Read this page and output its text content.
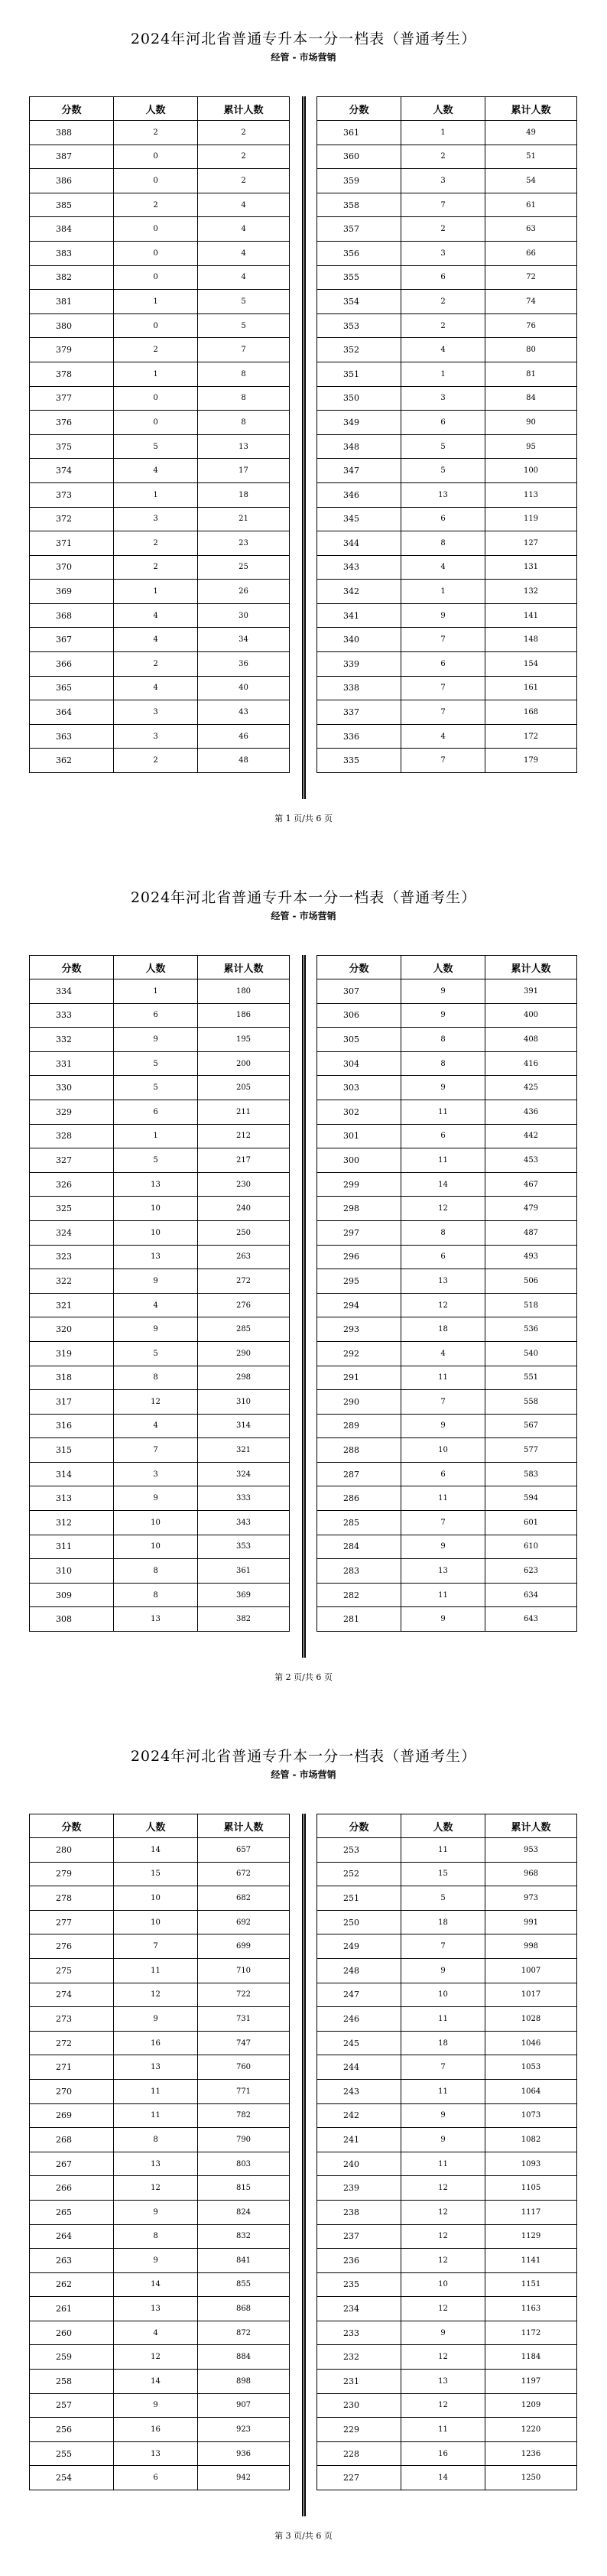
2024年河北省普通专升本一分一档表（普通考生）
经管 - 市场营销
分数	人数	累计人数
388	2	2
387	0	2
386	0	2
385	2	4
384	0	4
383	0	4
382	0	4
381	1	5
380	0	5
379	2	7
378	1	8
377	0	8
376	0	8
375	5	13
374	4	17
373	1	18
372	3	21
371	2	23
370	2	25
369	1	26
368	4	30
367	4	34
366	2	36
365	4	40
364	3	43
363	3	46
362	2	48
分数	人数	累计人数
361	1	49
360	2	51
359	3	54
358	7	61
357	2	63
356	3	66
355	6	72
354	2	74
353	2	76
352	4	80
351	1	81
350	3	84
349	6	90
348	5	95
347	5	100
346	13	113
345	6	119
344	8	127
343	4	131
342	1	132
341	9	141
340	7	148
339	6	154
338	7	161
337	7	168
336	4	172
335	7	179
第 1 页/共 6 页
2024年河北省普通专升本一分一档表（普通考生）
经管 - 市场营销
分数	人数	累计人数
334	1	180
333	6	186
332	9	195
331	5	200
330	5	205
329	6	211
328	1	212
327	5	217
326	13	230
325	10	240
324	10	250
323	13	263
322	9	272
321	4	276
320	9	285
319	5	290
318	8	298
317	12	310
316	4	314
315	7	321
314	3	324
313	9	333
312	10	343
311	10	353
310	8	361
309	8	369
308	13	382
分数	人数	累计人数
307	9	391
306	9	400
305	8	408
304	8	416
303	9	425
302	11	436
301	6	442
300	11	453
299	14	467
298	12	479
297	8	487
296	6	493
295	13	506
294	12	518
293	18	536
292	4	540
291	11	551
290	7	558
289	9	567
288	10	577
287	6	583
286	11	594
285	7	601
284	9	610
283	13	623
282	11	634
281	9	643
第 2 页/共 6 页
2024年河北省普通专升本一分一档表（普通考生）
经管 - 市场营销
分数	人数	累计人数
280	14	657
279	15	672
278	10	682
277	10	692
276	7	699
275	11	710
274	12	722
273	9	731
272	16	747
271	13	760
270	11	771
269	11	782
268	8	790
267	13	803
266	12	815
265	9	824
264	8	832
263	9	841
262	14	855
261	13	868
260	4	872
259	12	884
258	14	898
257	9	907
256	16	923
255	13	936
254	6	942
分数	人数	累计人数
253	11	953
252	15	968
251	5	973
250	18	991
249	7	998
248	9	1007
247	10	1017
246	11	1028
245	18	1046
244	7	1053
243	11	1064
242	9	1073
241	9	1082
240	11	1093
239	12	1105
238	12	1117
237	12	1129
236	12	1141
235	10	1151
234	12	1163
233	9	1172
232	12	1184
231	13	1197
230	12	1209
229	11	1220
228	16	1236
227	14	1250
第 3 页/共 6 页
